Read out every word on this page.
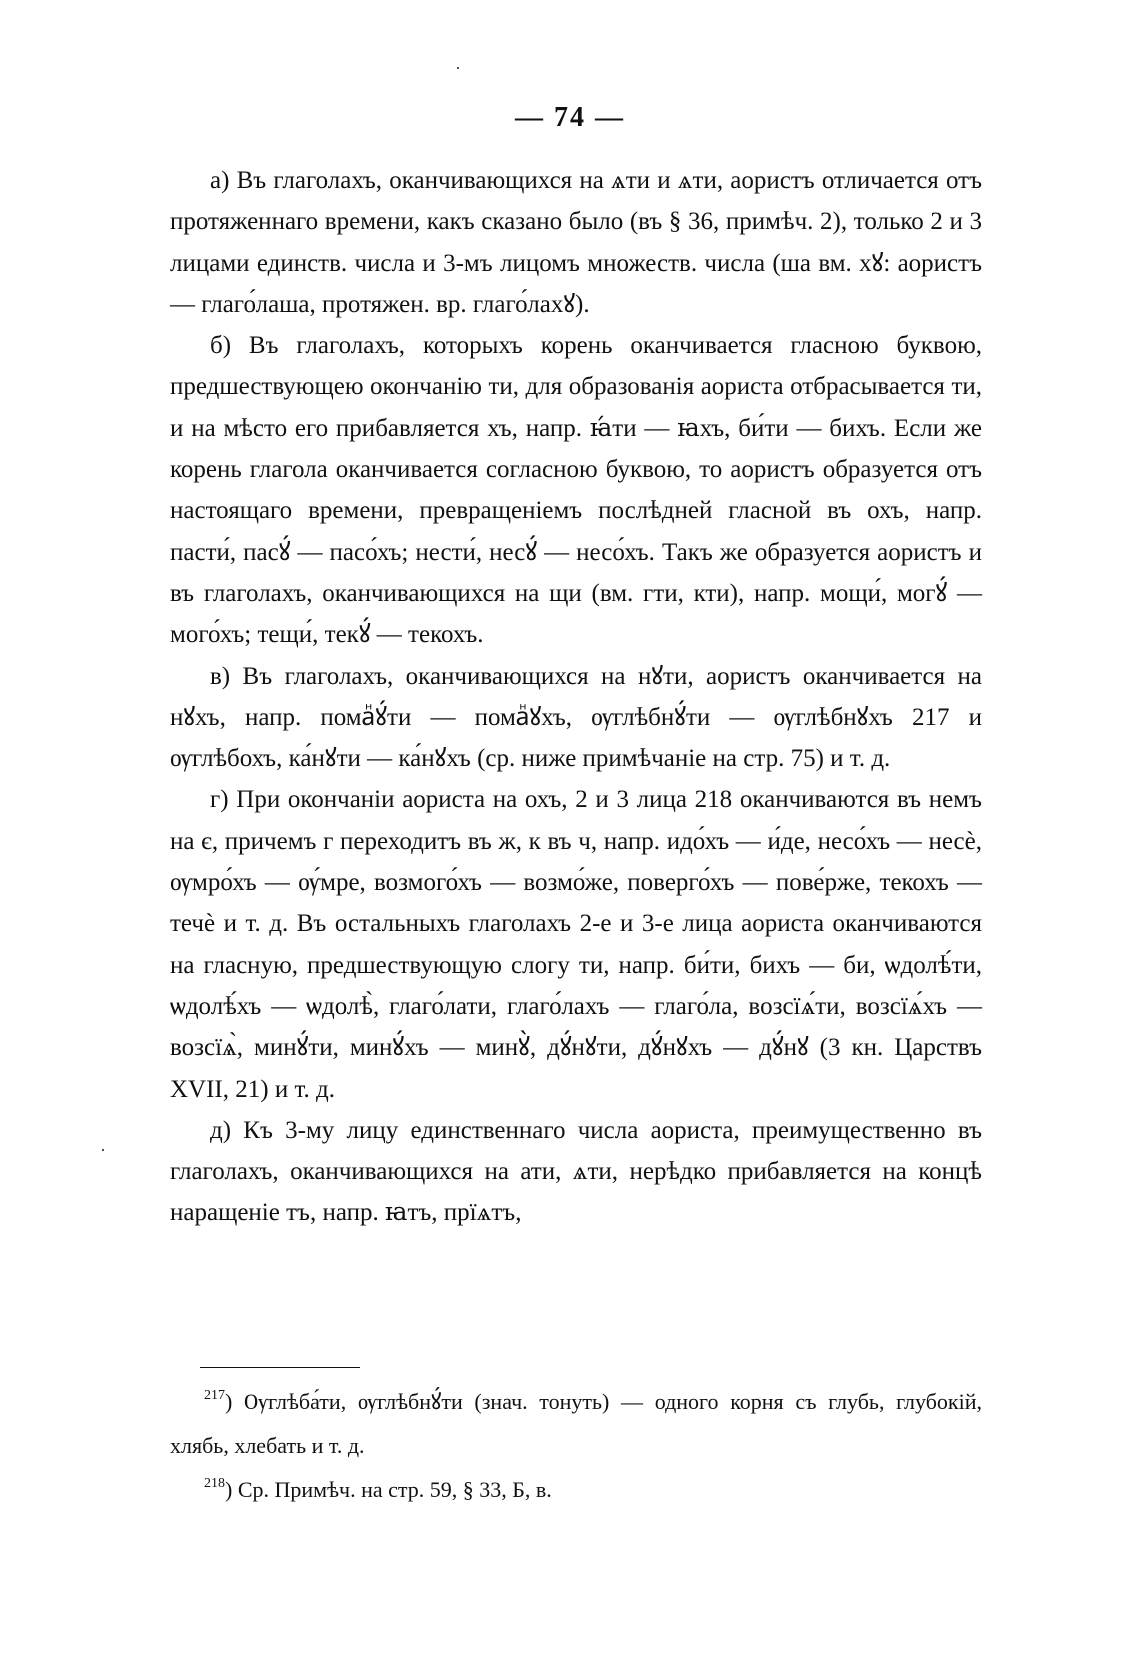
— 74 —
·
·

а) Въ глаголахъ, оканчивающихся на ѧти и ѧти, аористъ отличается отъ протяженнаго времени, какъ сказано было (въ § 36, примѣч. 2), только 2 и 3 лицами единств. числа и 3-мъ лицомъ множеств. числа (ша вм. хꙋ: аористъ — глаго́лаша, протяжен. вр. глаго́лахꙋ).

б) Въ глаголахъ, которыхъ корень оканчивается гласною буквою, предшествующею окончанію ти, для образованія аориста отбрасывается ти, и на мѣсто его прибавляется хъ, напр. ꙗ́ти — ꙗхъ, би́ти — бихъ. Если же корень глагола оканчивается согласною буквою, то аористъ образуется отъ настоящаго времени, превращеніемъ послѣдней гласной въ охъ, напр. пасти́, пасꙋ́ — пасо́хъ; нести́, несꙋ́ — несо́хъ. Такъ же образуется аористъ и въ глаголахъ, оканчивающихся на щи (вм. гти, кти), напр. мощи́, могꙋ́ — мого́хъ; тещи́, текꙋ́ — текохъ.

в) Въ глаголахъ, оканчивающихся на нꙋти, аористъ оканчивается на нꙋхъ, напр. помаⷩꙋ́ти — помаⷩꙋхъ, ѹглѣбнꙋ́ти — ѹглѣбнꙋхъ 217 и ѹглѣбохъ, ка́нꙋти — ка́нꙋхъ (ср. ниже примѣчаніе на стр. 75) и т. д.

г) При окончаніи аориста на охъ, 2 и 3 лица 218 оканчиваются въ немъ на є, причемъ г переходитъ въ ж, к въ ч, напр. идо́хъ — и́де, несо́хъ — несѐ, ѹмро́хъ — ѹ́мре, возмого́хъ — возмо́же, поверго́хъ — пове́рже, текохъ — течѐ и т. д. Въ остальныхъ глаголахъ 2-е и 3-е лица аориста оканчиваются на гласную, предшествующую слогу ти, напр. би́ти, бихъ — би, ѡдолѣ́ти, ѡдолѣ́хъ — ѡдолѣ̀, глаго́лати, глаго́лахъ — глаго́ла, возсїѧ́ти, возсїѧ́хъ — возсїѧ̀, минꙋ́ти, минꙋ́хъ — минꙋ̀, дꙋ́нꙋти, дꙋ́нꙋхъ — дꙋ́нꙋ (3 кн. Царствъ XVII, 21) и т. д.

д) Къ 3-му лицу единственнаго числа аориста, преимущественно въ глаголахъ, оканчивающихся на ати, ѧти, нерѣдко прибавляется на концѣ наращеніе тъ, напр. ꙗтъ, прїѧтъ,

$^{217}$) Ѹглѣба́ти, ѹглѣбнꙋ́ти (знач. тонуть) — одного корня съ глубь, глубокій, хлябь, хлебать и т. д.

$^{218}$) Ср. Примѣч. на стр. 59, § 33, Б, в.
